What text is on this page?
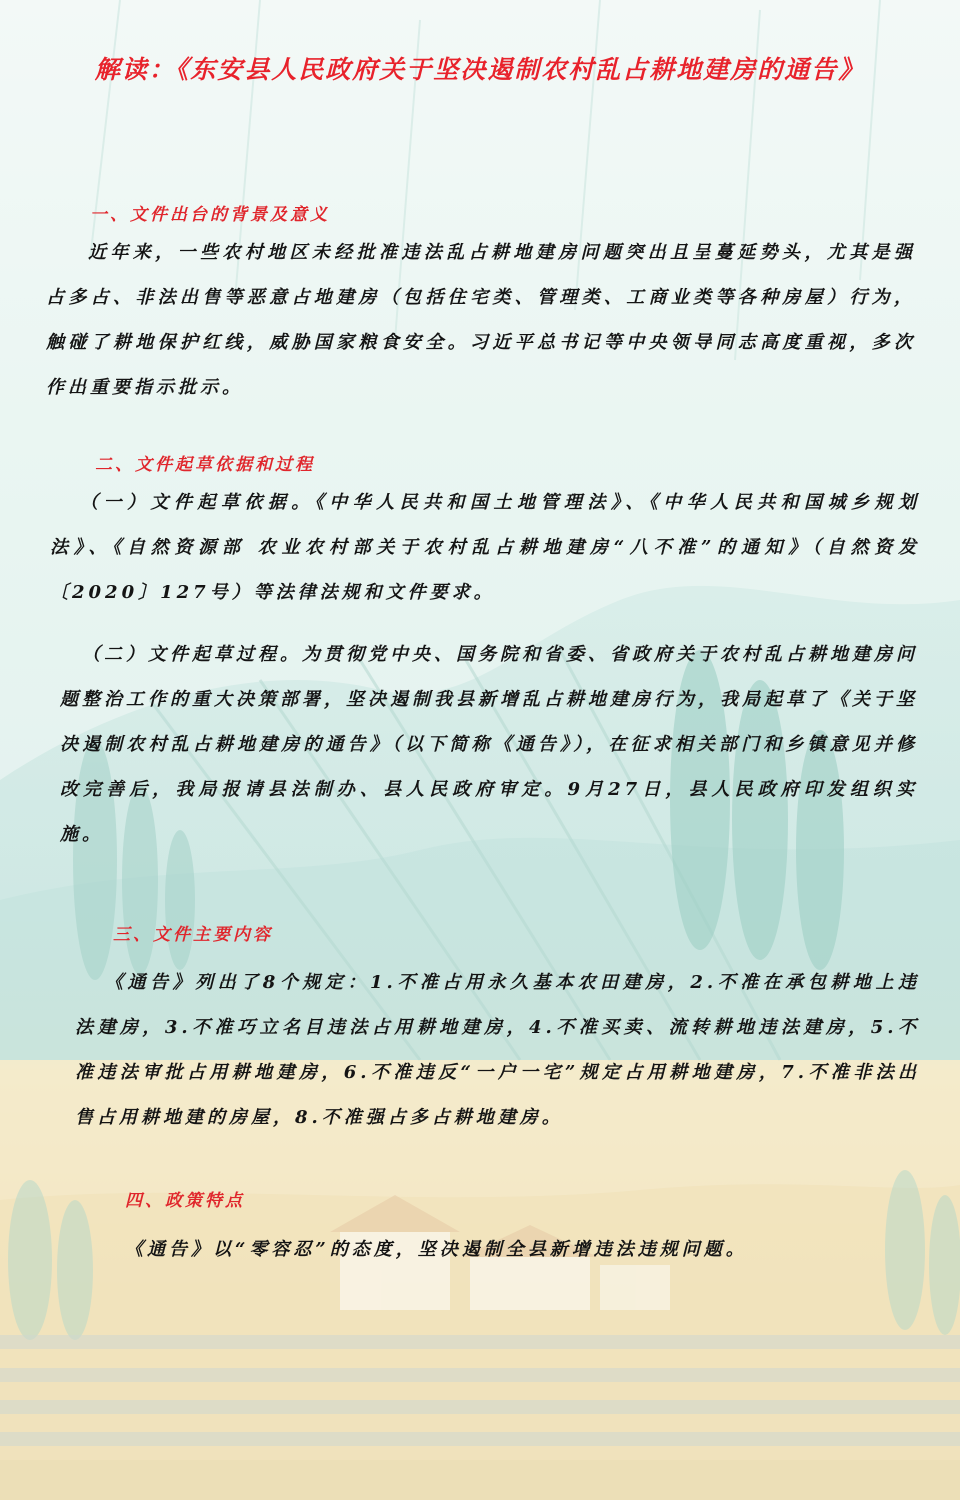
解读：《东安县人民政府关于坚决遏制农村乱占耕地建房的通告》
一、文件出台的背景及意义
近年来，一些农村地区未经批准违法乱占耕地建房问题突出且呈蔓延势头，尤其是强占多占、非法出售等恶意占地建房（包括住宅类、管理类、工商业类等各种房屋）行为，触碰了耕地保护红线，威胁国家粮食安全。习近平总书记等中央领导同志高度重视，多次作出重要指示批示。
二、文件起草依据和过程
（一）文件起草依据。《中华人民共和国土地管理法》、《中华人民共和国城乡规划法》、《自然资源部 农业农村部关于农村乱占耕地建房“八不准”的通知》（自然资发〔2020〕127号）等法律法规和文件要求。
（二）文件起草过程。为贯彻党中央、国务院和省委、省政府关于农村乱占耕地建房问题整治工作的重大决策部署，坚决遏制我县新增乱占耕地建房行为，我局起草了《关于坚决遏制农村乱占耕地建房的通告》（以下简称《通告》），在征求相关部门和乡镇意见并修改完善后，我局报请县法制办、县人民政府审定。9月27日，县人民政府印发组织实施。
三、文件主要内容
《通告》列出了8个规定：1.不准占用永久基本农田建房，2.不准在承包耕地上违法建房，3.不准巧立名目违法占用耕地建房，4.不准买卖、流转耕地违法建房，5.不准违法审批占用耕地建房，6.不准违反“一户一宅”规定占用耕地建房，7.不准非法出售占用耕地建的房屋，8.不准强占多占耕地建房。
四、政策特点
《通告》以“零容忍”的态度，坚决遏制全县新增违法违规问题。
